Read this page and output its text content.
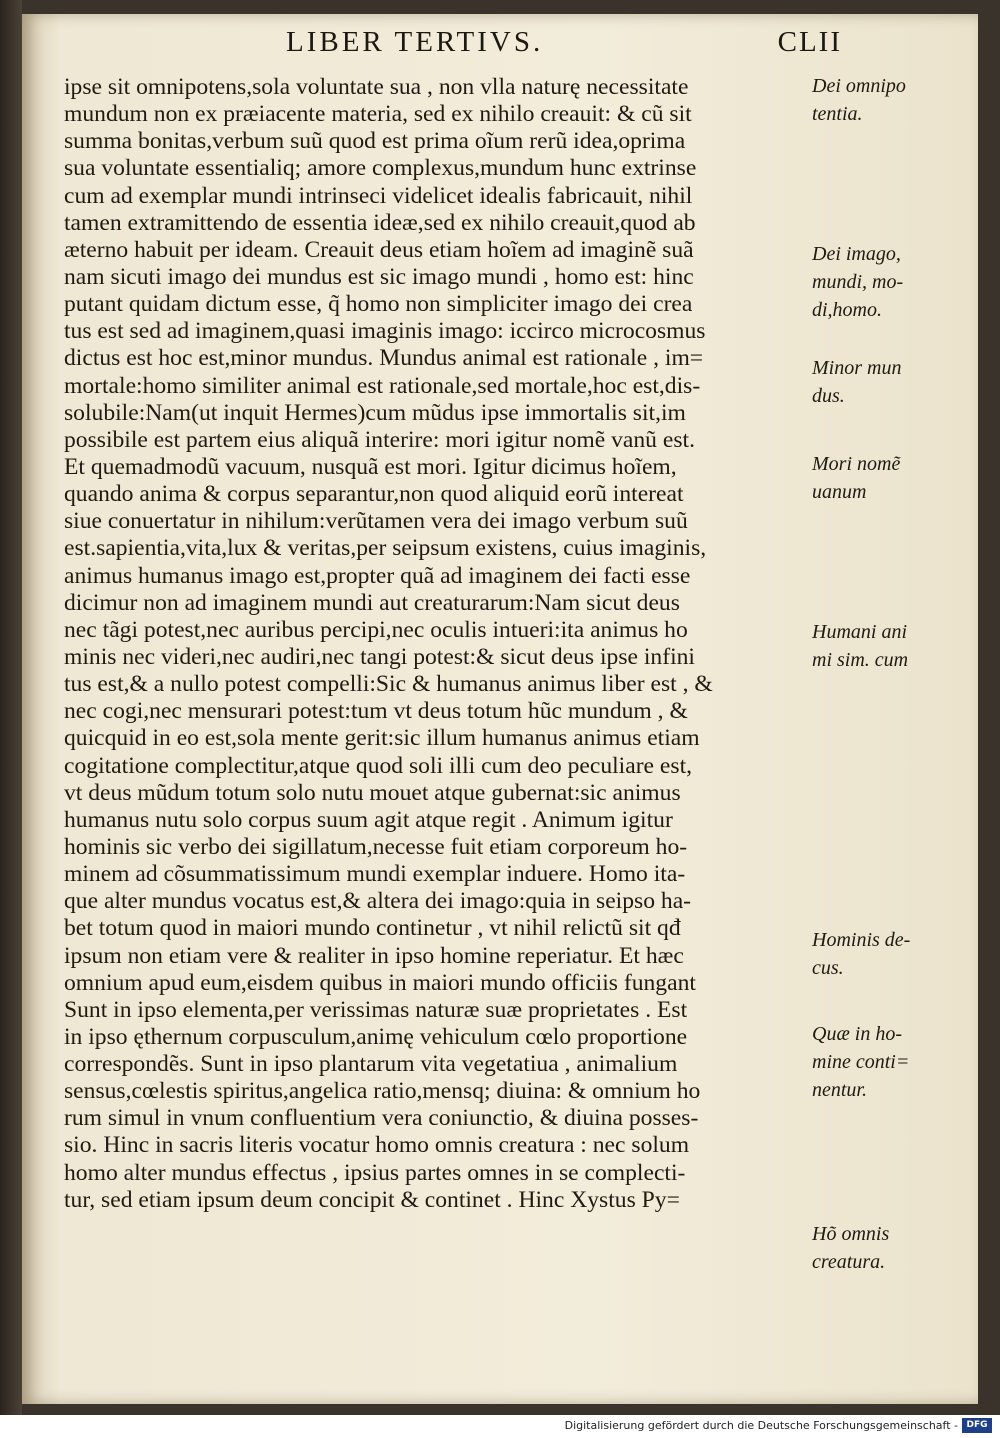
LIBER TERTIVS.	CLII
ipse sit omnipotens,sola voluntate sua , non vlla naturę necessitate
mundum non ex præiacente materia, sed ex nihilo creauit: & cũ sit
summa bonitas,verbum suũ quod est prima oĩum rerũ idea,oprima
sua voluntate essentialiq; amore complexus,mundum hunc extrinse
cum ad exemplar mundi intrinseci videlicet idealis fabricauit, nihil
tamen extramittendo de essentia ideæ,sed ex nihilo creauit,quod ab
æterno habuit per ideam. Creauit deus etiam hoĩem ad imaginẽ suã
nam sicuti imago dei mundus est sic imago mundi , homo est: hinc
putant quidam dictum esse, q̃ homo non simpliciter imago dei crea
tus est sed ad imaginem,quasi imaginis imago: iccirco microcosmus
dictus est hoc est,minor mundus. Mundus animal est rationale , im=
mortale:homo similiter animal est rationale,sed mortale,hoc est,dis-
solubile:Nam(ut inquit Hermes)cum mũdus ipse immortalis sit,im
possibile est partem eius aliquã interire: mori igitur nomẽ vanũ est.
Et quemadmodũ vacuum, nusquã est mori. Igitur dicimus hoĩem,
quando anima & corpus separantur,non quod aliquid eorũ intereat
siue conuertatur in nihilum:verũtamen vera dei imago verbum suũ
est.sapientia,vita,lux & veritas,per seipsum existens, cuius imaginis,
animus humanus imago est,propter quã ad imaginem dei facti esse
dicimur non ad imaginem mundi aut creaturarum:Nam sicut deus
nec tãgi potest,nec auribus percipi,nec oculis intueri:ita animus ho
minis nec videri,nec audiri,nec tangi potest:& sicut deus ipse infini
tus est,& a nullo potest compelli:Sic & humanus animus liber est , &
nec cogi,nec mensurari potest:tum vt deus totum hũc mundum , &
quicquid in eo est,sola mente gerit:sic illum humanus animus etiam
cogitatione complectitur,atque quod soli illi cum deo peculiare est,
vt deus mũdum totum solo nutu mouet atque gubernat:sic animus
humanus nutu solo corpus suum agit atque regit . Animum igitur
hominis sic verbo dei sigillatum,necesse fuit etiam corporeum ho-
minem ad cõsummatissimum mundi exemplar induere. Homo ita-
que alter mundus vocatus est,& altera dei imago:quia in seipso ha-
bet totum quod in maiori mundo continetur , vt nihil relictũ sit qđ
ipsum non etiam vere & realiter in ipso homine reperiatur. Et hæc
omnium apud eum,eisdem quibus in maiori mundo officiis fungant
Sunt in ipso elementa,per verissimas naturæ suæ proprietates . Est
in ipso ęthernum corpusculum,animę vehiculum cœlo proportione
correspondẽs. Sunt in ipso plantarum vita vegetatiua , animalium
sensus,cœlestis spiritus,angelica ratio,mensq; diuina: & omnium ho
rum simul in vnum confluentium vera coniunctio, & diuina posses-
sio. Hinc in sacris literis vocatur homo omnis creatura : nec solum
homo alter mundus effectus , ipsius partes omnes in se complecti-
tur, sed etiam ipsum deum concipit & continet . Hinc Xystus Py=
Dei omnipo
tentia.
Dei imago,
mundi, mo-
di,homo.
Minor mun
dus.
Mori nomẽ
uanum
Humani ani
mi sim. cum
Hominis de-
cus.
Quæ in ho-
mine conti=
nentur.
Hõ omnis
creatura.
Digitalisierung gefördert durch die Deutsche Forschungsgemeinschaft - DFG
